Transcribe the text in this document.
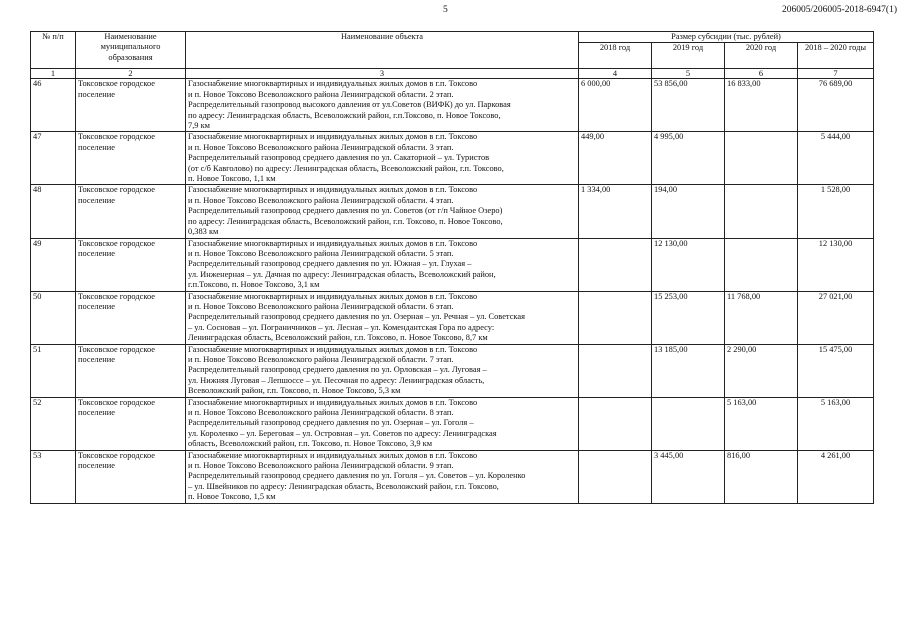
5	206005/206005-2018-6947(1)
№ п/п	Наименование муниципального образования	Наименование объекта	Размер субсидии (тыс. рублей)			
			2018 год	2019 год	2020 год	2018 – 2020 годы
1	2	3	4	5	6	7
46	Токсовское городское поселение	Газоснабжение многоквартирных и индивидуальных жилых домов в г.п. Токсово
и п. Новое Токсово Всеволожского района Ленинградской области. 2 этап.
Распределительный газопровод высокого давления от ул.Советов (ВИФК) до ул. Парковая
по адресу: Ленинградская область, Всеволожский район, г.п.Токсово, п. Новое Токсово,
7,9 км	6 000,00	53 856,00	16 833,00	76 689,00
47	Токсовское городское поселение	Газоснабжение многоквартирных и индивидуальных жилых домов в г.п. Токсово
и п. Новое Токсово Всеволожского района Ленинградской области. 3 этап.
Распределительный газопровод среднего давления по ул. Сакаторной – ул. Туристов
(от с/б Кавголово) по адресу: Ленинградская область, Всеволожский район, г.п. Токсово,
п. Новое Токсово, 1,1 км	449,00	4 995,00		5 444,00
48	Токсовское городское поселение	Газоснабжение многоквартирных и индивидуальных жилых домов в г.п. Токсово
и п. Новое Токсово Всеволожского района Ленинградской области. 4 этап.
Распределительный газопровод среднего давления по ул. Советов (от г/п Чайное Озеро)
по адресу: Ленинградская область, Всеволожский район, г.п. Токсово, п. Новое Токсово,
0,383 км	1 334,00	194,00		1 528,00
49	Токсовское городское поселение	Газоснабжение многоквартирных и индивидуальных жилых домов в г.п. Токсово
и п. Новое Токсово Всеволожского района Ленинградской области. 5 этап.
Распределительный газопровод среднего давления по ул. Южная – ул. Глухая –
ул. Инженерная – ул. Дачная по адресу: Ленинградская область, Всеволожский район,
г.п.Токсово, п. Новое Токсово, 3,1 км		12 130,00		12 130,00
50	Токсовское городское поселение	Газоснабжение многоквартирных и индивидуальных жилых домов в г.п. Токсово
и п. Новое Токсово Всеволожского района Ленинградской области. 6 этап.
Распределительный газопровод среднего давления по ул. Озерная – ул. Речная – ул. Советская
– ул. Сосновая – ул. Пограничников – ул. Лесная – ул. Комендантская Гора по адресу:
Ленинградская область, Всеволожский район, г.п. Токсово, п. Новое Токсово, 8,7 км		15 253,00	11 768,00	27 021,00
51	Токсовское городское поселение	Газоснабжение многоквартирных и индивидуальных жилых домов в г.п. Токсово
и п. Новое Токсово Всеволожского района Ленинградской области. 7 этап.
Распределительный газопровод среднего давления по ул. Орловская – ул. Луговая –
ул. Нижняя Луговая – Лепшоссе – ул. Песочная по адресу: Ленинградская область,
Всеволожский район, г.п. Токсово, п. Новое Токсово, 5,3 км		13 185,00	2 290,00	15 475,00
52	Токсовское городское поселение	Газоснабжение многоквартирных и индивидуальных жилых домов в г.п. Токсово
и п. Новое Токсово Всеволожского района Ленинградской области. 8 этап.
Распределительный газопровод среднего давления по ул. Озерная – ул. Гоголя –
ул. Короленко – ул. Береговая – ул. Островная – ул. Советов по адресу: Ленинградская
область, Всеволожский район, г.п. Токсово, п. Новое Токсово, 3,9 км			5 163,00	5 163,00
53	Токсовское городское поселение	Газоснабжение многоквартирных и индивидуальных жилых домов в г.п. Токсово
и п. Новое Токсово Всеволожского района Ленинградской области. 9 этап.
Распределительный газопровод среднего давления по ул. Гоголя – ул. Советов – ул. Короленко
– ул. Швейников по адресу: Ленинградская область, Всеволожский район, г.п. Токсово,
п. Новое Токсово, 1,5 км		3 445,00	816,00	4 261,00
